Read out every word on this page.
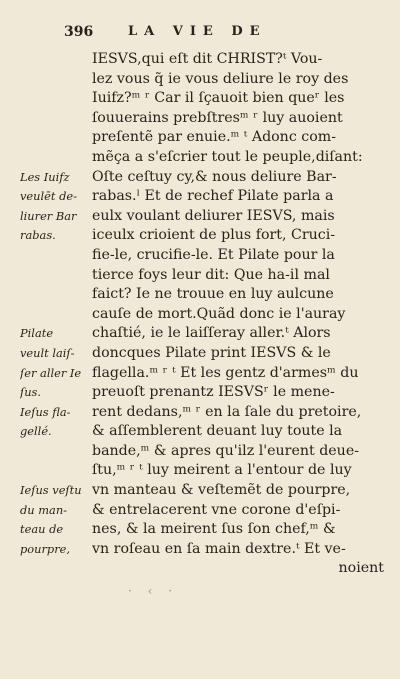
396	LA VIE DE
IESVS,qui eſt dit CHRIST?ᵗ Vou-
lez vous q̃ ie vous deliure le roy des
Iuifz?ᵐ ʳ Car il ſçauoit bien queʳ les
ſouuerains prebſtresᵐ ʳ luy auoient
preſentẽ par enuie.ᵐ ᵗ Adonc com-
mẽça a s'eſcrier tout le peuple,diſant:
Oſte ceſtuy cy,& nous deliure Bar-
rabas.ˡ Et de rechef Pilate parla a
eulx voulant deliurer IESVS, mais
iceulx crioient de plus fort, Cruci-
fie-le, crucifie-le. Et Pilate pour la
tierce foys leur dit: Que ha-il mal
faict? Ie ne trouue en luy aulcune
cauſe de mort.Quãd donc ie l'auray
chaſtié, ie le laiſſeray aller.ᵗ Alors
doncques Pilate print IESVS & le
flagella.ᵐ ʳ ᵗ Et les gentz d'armesᵐ du
preuoſt prenantz IESVSʳ le mene-
rent dedans,ᵐ ʳ en la ſale du pretoire,
& aſſemblerent deuant luy toute la
bande,ᵐ & apres qu'ilz l'eurent deue-
ſtu,ᵐ ʳ ᵗ luy meirent a l'entour de luy
vn manteau & veſtemẽt de pourpre,
& entrelacerent vne corone d'eſpi-
nes, & la meirent ſus ſon chef,ᵐ &
vn roſeau en ſa main dextre.ᵗ Et ve-
noient
Les Iuifz
veulēt de-
liurer Bar
rabas.
Pilate
veult laiſ-
ſer aller Ie
ſus.
Ieſus fla-
gellé.
Ieſus veſtu
du man-
teau de
pourpre,
· ‹ ·
